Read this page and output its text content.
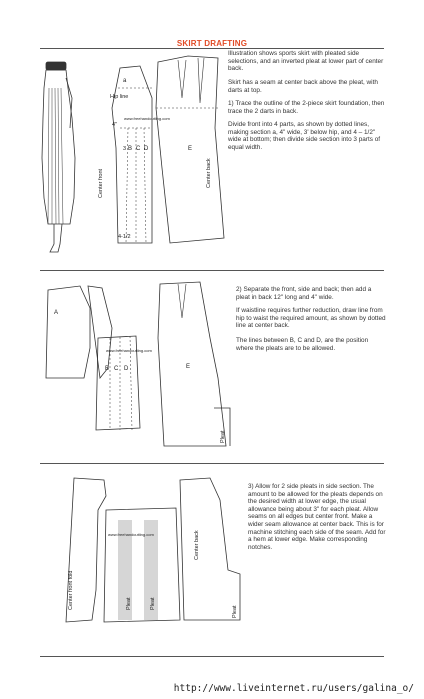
SKIRT DRAFTING
a
Hip line
4"
3 B C D	E
Center front	Center back
4-1/2
www.freehandcutting.com

Illustration shows sports skirt with pleated side selections, and an inverted pleat at lower part of center back.

Skirt has a seam at center back above the pleat, with darts at top.

1) Trace the outline of the 2-piece skirt foundation, then trace the 2 darts in back.

Divide front into 4 parts, as shown by dotted lines, making section a, 4" wide, 3' below hip, and 4 – 1/2" wide at bottom; then divide side section into 3 parts of equal width.

A
B C D	E
Pleat
www.freehandcutting.com

2) Separate the front, side and back; then add a pleat in back 12" long and 4" wide.

If waistline requires further reduction, draw line from hip to waist the required amount, as shown by dotted line at center back.

The lines between B, C and D, are the position where the pleats are to be allowed.

Center front fold	Pleat	Pleat
Center back
Pleat
www.freehandcutting.com

3) Allow for 2 side pleats in side section. The amount to be allowed for the pleats depends on the desired width at lower edge, the usual allowance being about 3" for each pleat. Allow seams on all edges but center front. Make a wider seam allowance at center back. This is for machine stitching each side of the seam. Add for a hem at lower edge. Make corresponding notches.

http://www.liveinternet.ru/users/galina_o/
